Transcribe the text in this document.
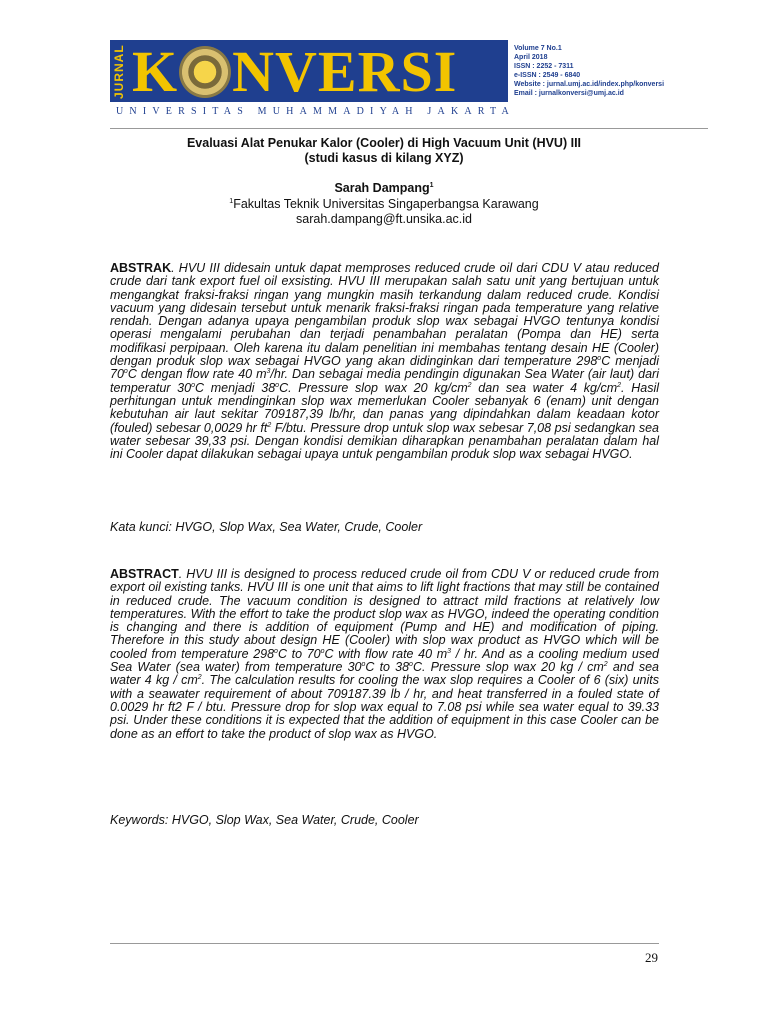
JURNAL K NVERSI
UNIVERSITAS MUHAMMADIYAH JAKARTA
Volume 7 No.1
April 2018
ISSN : 2252 - 7311
e-ISSN : 2549 - 6840
Website : jurnal.umj.ac.id/index.php/konversi
Email : jurnalkonversi@umj.ac.id
Evaluasi Alat Penukar Kalor (Cooler) di High Vacuum Unit (HVU) III
(studi kasus di kilang XYZ)
Sarah Dampang$^1$
$^1$Fakultas Teknik Universitas Singaperbangsa Karawang
sarah.dampang@ft.unsika.ac.id
ABSTRAK. HVU III didesain untuk dapat memproses reduced crude oil dari CDU V atau reduced crude dari tank export fuel oil exsisting. HVU III merupakan salah satu unit yang bertujuan untuk mengangkat fraksi-fraksi ringan yang mungkin masih terkandung dalam reduced crude. Kondisi vacuum yang didesain tersebut untuk menarik fraksi-fraksi ringan pada temperature yang relative rendah. Dengan adanya upaya pengambilan produk slop wax sebagai HVGO tentunya kondisi operasi mengalami perubahan dan terjadi penambahan peralatan (Pompa dan HE) serta modifikasi perpipaan. Oleh karena itu dalam penelitian ini membahas tentang desain HE (Cooler) dengan produk slop wax sebagai HVGO yang akan didinginkan dari temperature 298$^o$C menjadi 70$^o$C dengan flow rate 40 $m^3/hr$. Dan sebagai media pendingin digunakan Sea Water (air laut) dari temperatur 30$^o$C menjadi 38$^o$C. Pressure slop wax 20 $kg/cm^2$ dan sea water 4 $kg/cm^2$. Hasil perhitungan untuk mendinginkan slop wax memerlukan Cooler sebanyak 6 (enam) unit dengan kebutuhan air laut sekitar 709187,39 lb/hr, dan panas yang dipindahkan dalam keadaan kotor (fouled) sebesar 0,0029 hr $ft^2$ F/btu. Pressure drop untuk slop wax sebesar 7,08 psi sedangkan sea water sebesar 39,33 psi. Dengan kondisi demikian diharapkan penambahan peralatan dalam hal ini Cooler dapat dilakukan sebagai upaya untuk pengambilan produk slop wax sebagai HVGO.
Kata kunci: HVGO, Slop Wax, Sea Water, Crude, Cooler
ABSTRACT. HVU III is designed to process reduced crude oil from CDU V or reduced crude from export oil existing tanks. HVU III is one unit that aims to lift light fractions that may still be contained in reduced crude. The vacuum condition is designed to attract mild fractions at relatively low temperatures. With the effort to take the product slop wax as HVGO, indeed the operating condition is changing and there is addition of equipment (Pump and HE) and modification of piping. Therefore in this study about design HE (Cooler) with slop wax product as HVGO which will be cooled from temperature 298$^o$C to 70$^o$C with flow rate 40 $m^3$ / hr. And as a cooling medium used Sea Water (sea water) from temperature 30$^o$C to 38$^o$C. Pressure slop wax 20 kg / $cm^2$ and sea water 4 kg / $cm^2$. The calculation results for cooling the wax slop requires a Cooler of 6 (six) units with a seawater requirement of about 709187.39 lb / hr, and heat transferred in a fouled state of 0.0029 hr ft2 F / btu. Pressure drop for slop wax equal to 7.08 psi while sea water equal to 39.33 psi. Under these conditions it is expected that the addition of equipment in this case Cooler can be done as an effort to take the product of slop wax as HVGO.
Keywords: HVGO, Slop Wax, Sea Water, Crude, Cooler
29
